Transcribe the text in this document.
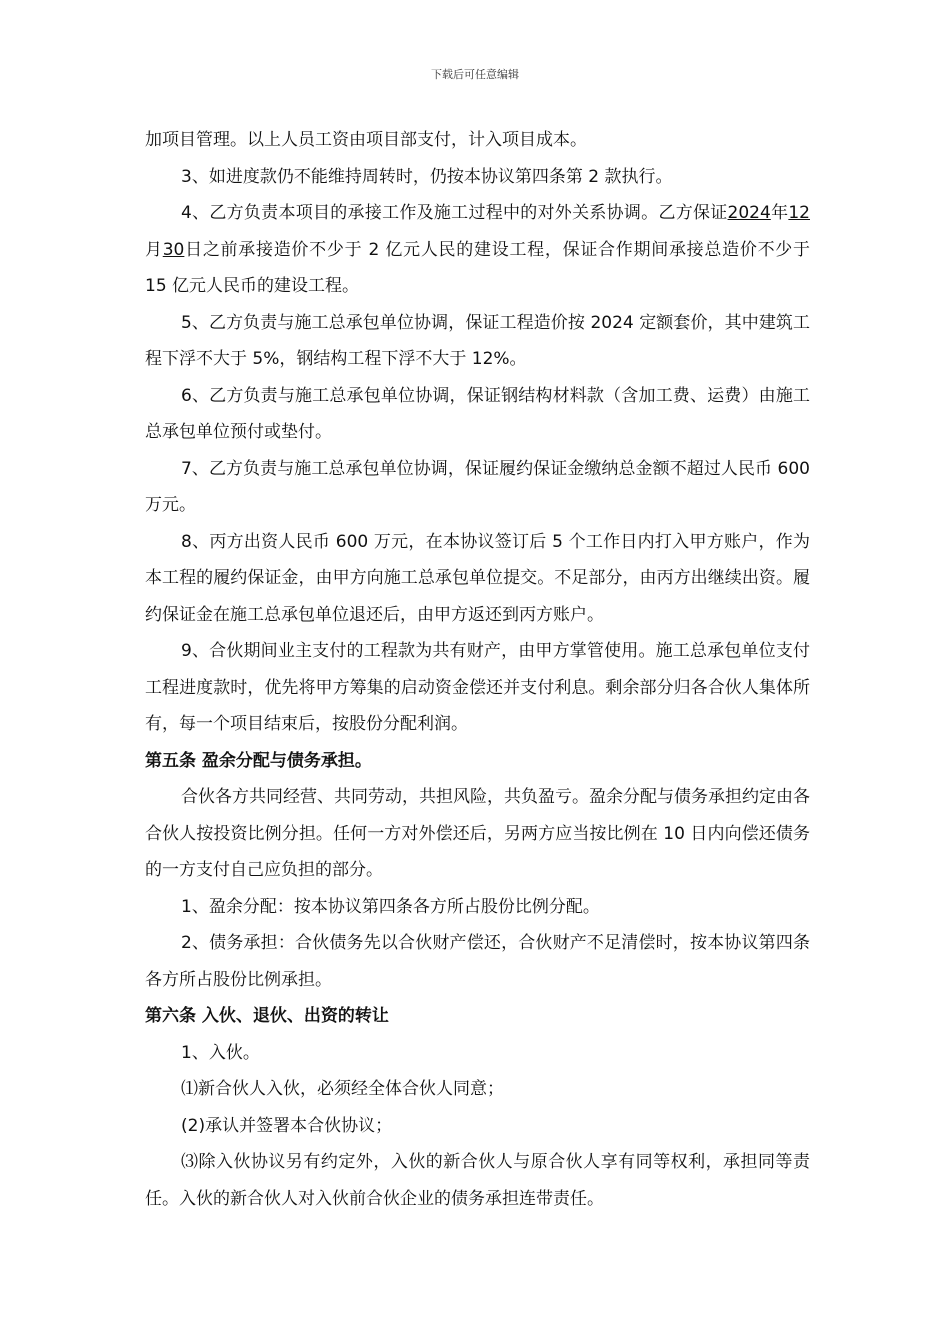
下载后可任意编辑

加项目管理。以上人员工资由项目部支付，计入项目成本。

3、如进度款仍不能维持周转时，仍按本协议第四条第 2 款执行。

4、乙方负责本项目的承接工作及施工过程中的对外关系协调。乙方保证2024年12月30日之前承接造价不少于 2 亿元人民的建设工程，保证合作期间承接总造价不少于 15 亿元人民币的建设工程。

5、乙方负责与施工总承包单位协调，保证工程造价按 2024 定额套价，其中建筑工程下浮不大于 5%，钢结构工程下浮不大于 12%。

6、乙方负责与施工总承包单位协调，保证钢结构材料款（含加工费、运费）由施工总承包单位预付或垫付。

7、乙方负责与施工总承包单位协调，保证履约保证金缴纳总金额不超过人民币 600 万元。

8、丙方出资人民币 600 万元，在本协议签订后 5 个工作日内打入甲方账户，作为本工程的履约保证金，由甲方向施工总承包单位提交。不足部分，由丙方出继续出资。履约保证金在施工总承包单位退还后，由甲方返还到丙方账户。

9、合伙期间业主支付的工程款为共有财产，由甲方掌管使用。施工总承包单位支付工程进度款时，优先将甲方筹集的启动资金偿还并支付利息。剩余部分归各合伙人集体所有，每一个项目结束后，按股份分配利润。

第五条 盈余分配与债务承担。

合伙各方共同经营、共同劳动，共担风险，共负盈亏。盈余分配与债务承担约定由各合伙人按投资比例分担。任何一方对外偿还后，另两方应当按比例在 10 日内向偿还债务的一方支付自己应负担的部分。

1、盈余分配：按本协议第四条各方所占股份比例分配。

2、债务承担：合伙债务先以合伙财产偿还，合伙财产不足清偿时，按本协议第四条各方所占股份比例承担。

第六条 入伙、退伙、出资的转让

1、入伙。

⑴新合伙人入伙，必须经全体合伙人同意；

(2)承认并签署本合伙协议；

⑶除入伙协议另有约定外，入伙的新合伙人与原合伙人享有同等权利，承担同等责任。入伙的新合伙人对入伙前合伙企业的债务承担连带责任。
